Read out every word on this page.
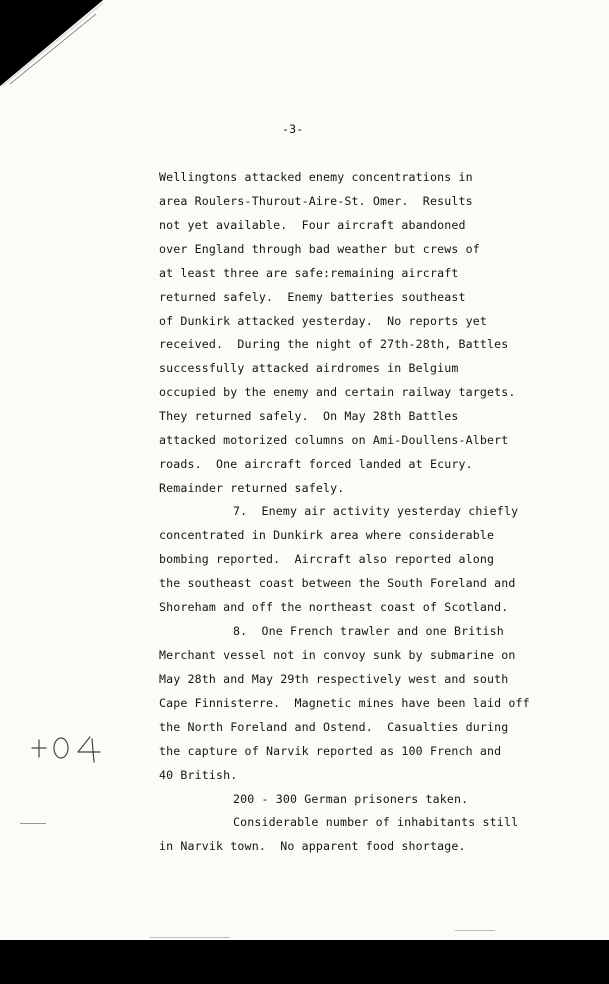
-3-
Wellingtons attacked enemy concentrations in
area Roulers-Thurout-Aire-St. Omer.  Results
not yet available.  Four aircraft abandoned
over England through bad weather but crews of
at least three are safe:remaining aircraft
returned safely.  Enemy batteries southeast
of Dunkirk attacked yesterday.  No reports yet
received.  During the night of 27th-28th, Battles
successfully attacked airdromes in Belgium
occupied by the enemy and certain railway targets.
They returned safely.  On May 28th Battles
attacked motorized columns on Ami-Doullens-Albert
roads.  One aircraft forced landed at Ecury.
Remainder returned safely.
7.  Enemy air activity yesterday chiefly
concentrated in Dunkirk area where considerable
bombing reported.  Aircraft also reported along
the southeast coast between the South Foreland and
Shoreham and off the northeast coast of Scotland.
8.  One French trawler and one British
Merchant vessel not in convoy sunk by submarine on
May 28th and May 29th respectively west and south
Cape Finnisterre.  Magnetic mines have been laid off
the North Foreland and Ostend.  Casualties during
the capture of Narvik reported as 100 French and
40 British.
200 - 300 German prisoners taken.
Considerable number of inhabitants still
in Narvik town.  No apparent food shortage.
